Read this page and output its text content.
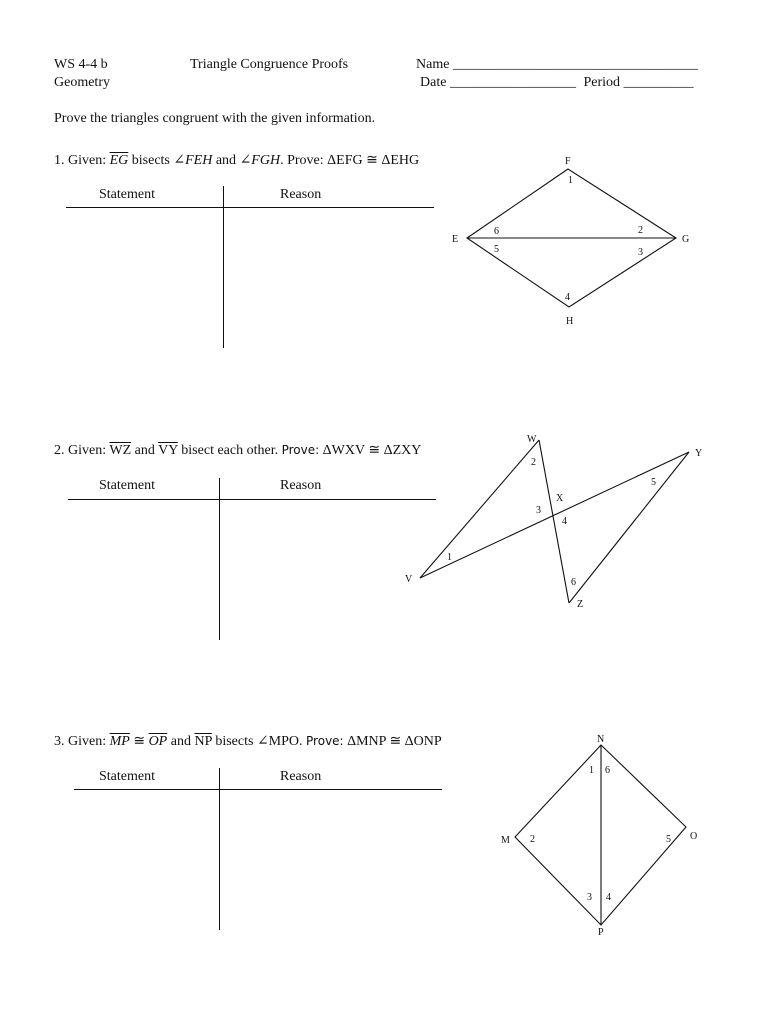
WS 4-4 b
Geometry
Triangle Congruence Proofs	Name ___________________________________
Date __________________ Period __________
Prove the triangles congruent with the given information.
1. Given: $\overline{EG}$ bisects ∠FEH and ∠FGH. Prove: ΔEFG ≅ ΔEHG
Statement	Reason
F
E	G
H
1
6
5
2
3
4
2. Given: $\overline{WZ}$ and $\overline{VY}$ bisect each other. Prove: ΔWXV ≅ ΔZXY
Statement	Reason
W
Y
X
V
Z
2
5
3
4
1
6
3. Given: $\overline{MP}$ ≅ $\overline{OP}$ and $\overline{NP}$ bisects ∠MPO. Prove: ΔMNP ≅ ΔONP
Statement	Reason
N
M	O
P
1 6
2	5
3 4
